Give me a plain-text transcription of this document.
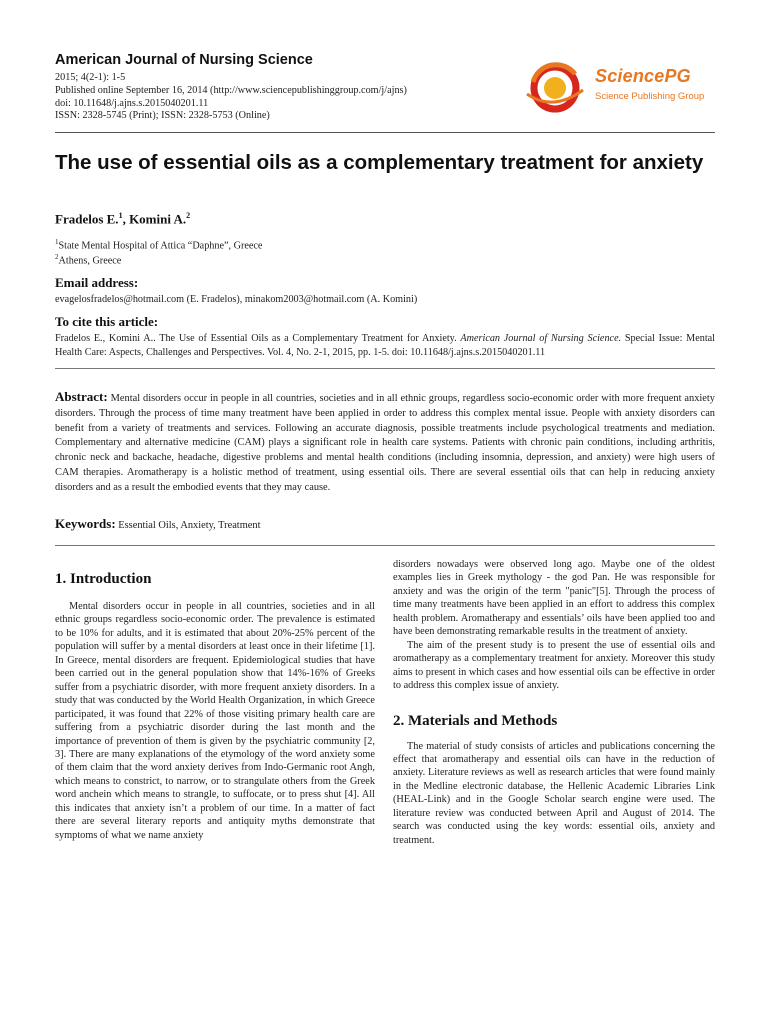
American Journal of Nursing Science
2015; 4(2-1): 1-5
Published online September 16, 2014 (http://www.sciencepublishinggroup.com/j/ajns)
doi: 10.11648/j.ajns.s.2015040201.11
ISSN: 2328-5745 (Print); ISSN: 2328-5753 (Online)
SciencePG
Science Publishing Group
The use of essential oils as a complementary treatment for anxiety
Fradelos E.$^1$, Komini A.$^2$
$^1$State Mental Hospital of Attica “Daphne”, Greece
$^2$Athens, Greece
Email address:
evagelosfradelos@hotmail.com (E. Fradelos), minakom2003@hotmail.com (A. Komini)
To cite this article:
Fradelos E., Komini A.. The Use of Essential Oils as a Complementary Treatment for Anxiety. American Journal of Nursing Science. Special Issue: Mental Health Care: Aspects, Challenges and Perspectives. Vol. 4, No. 2-1, 2015, pp. 1-5. doi: 10.11648/j.ajns.s.2015040201.11

Abstract: Mental disorders occur in people in all countries, societies and in all ethnic groups, regardless socio-economic order with more frequent anxiety disorders. Through the process of time many treatment have been applied in order to address this complex mental issue. People with anxiety disorders can benefit from a variety of treatments and services. Following an accurate diagnosis, possible treatments include psychological treatments and mediation. Complementary and alternative medicine (CAM) plays a significant role in health care systems. Patients with chronic pain conditions, including arthritis, chronic neck and backache, headache, digestive problems and mental health conditions (including insomnia, depression, and anxiety) were high users of CAM therapies. Aromatherapy is a holistic method of treatment, using essential oils. There are several essential oils that can help in reducing anxiety disorders and as a result the embodied events that they may cause.

Keywords: Essential Oils, Anxiety, Treatment
1. Introduction

Mental disorders occur in people in all countries, societies and in all ethnic groups regardless socio-economic order. The prevalence is estimated to be 10% for adults, and it is estimated that about 20%-25% percent of the population will suffer by a mental disorders at least once in their lifetime [1]. In Greece, mental disorders are frequent. Epidemiological studies that have been carried out in the general population show that 14%-16% of Greeks suffer from a psychiatric disorder, with more frequent anxiety disorders. In a study that was conducted by the World Health Organization, in which Greece participated, it was found that 22% of those visiting primary health care are suffering from a psychiatric disorder during the last month and the importance of prevention of them is given by the psychiatric community [2, 3]. There are many explanations of the etymology of the word anxiety some of them claim that the word anxiety derives from Indo-Germanic root Angh, which means to constrict, to narrow, or to strangulate others from the Greek word anchein which means to strangle, to suffocate, or to press shut [4]. All this indicates that anxiety isn’t a problem of our time. In a matter of fact there are several literary reports and antiquity myths demonstrate that symptoms of what we name anxiety

disorders nowadays were observed long ago. Maybe one of the oldest examples lies in Greek mythology - the god Pan. He was responsible for anxiety and was the origin of the term "panic"[5]. Through the process of time many treatments have been applied in an effort to address this complex health problem. Aromatherapy and essentials’ oils have been applied too and have been demonstrating remarkable results in the treatment of anxiety.

The aim of the present study is to present the use of essential oils and aromatherapy as a complementary treatment for anxiety. Moreover this study aims to present in which cases and how essential oils can be effective in order to address this complex issue of anxiety.

2. Materials and Methods

The material of study consists of articles and publications concerning the effect that aromatherapy and essential oils can have in the reduction of anxiety. Literature reviews as well as research articles that were found mainly in the Medline electronic database, the Hellenic Academic Libraries Link (HEAL-Link) and in the Google Scholar search engine were used. The literature review was conducted between April and August of 2014. The search was conducted using the key words: essential oils, anxiety and treatment.
